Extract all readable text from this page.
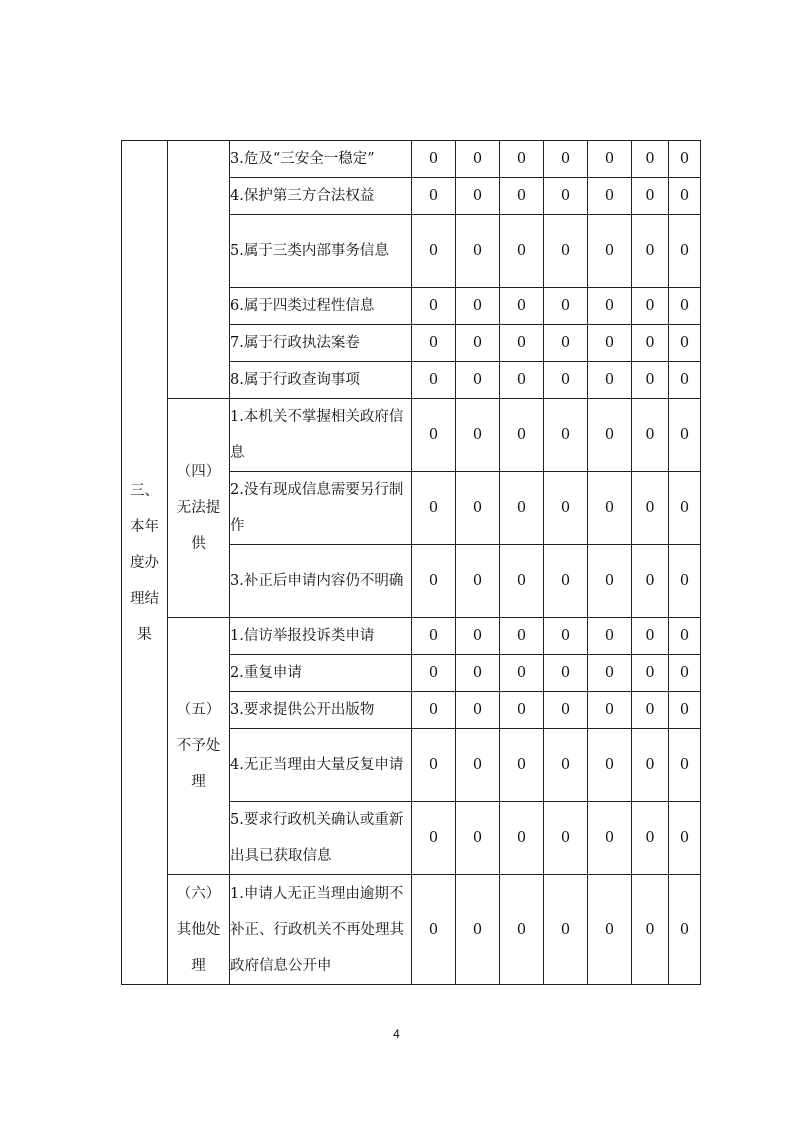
三、
本年
度办
理结
果		3.危及“三安全一稳定”	0	0	0	0	0	0	0
		4.保护第三方合法权益	0	0	0	0	0	0	0
		5.属于三类内部事务信息	0	0	0	0	0	0	0
		6.属于四类过程性信息	0	0	0	0	0	0	0
		7.属于行政执法案卷	0	0	0	0	0	0	0
		8.属于行政查询事项	0	0	0	0	0	0	0

	（四）
无法提
供	1.本机关不掌握相关政府信息	0	0	0	0	0	0	0
		2.没有现成信息需要另行制作	0	0	0	0	0	0	0
		3.补正后申请内容仍不明确	0	0	0	0	0	0	0

	（五）
不予处
理	1.信访举报投诉类申请	0	0	0	0	0	0	0
		2.重复申请	0	0	0	0	0	0	0
		3.要求提供公开出版物	0	0	0	0	0	0	0
		4.无正当理由大量反复申请	0	0	0	0	0	0	0
		5.要求行政机关确认或重新出具已获取信息	0	0	0	0	0	0	0

	（六）
其他处
理	1.申请人无正当理由逾期不补正、行政机关不再处理其政府信息公开申	0	0	0	0	0	0	0
4
